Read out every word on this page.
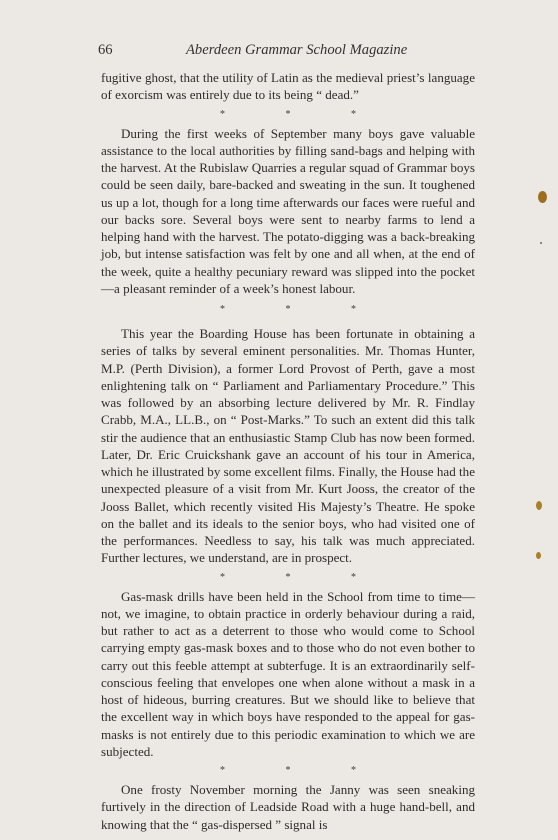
66	Aberdeen Grammar School Magazine

fugitive ghost, that the utility of Latin as the medieval priest’s language of exorcism was entirely due to its being “ dead.”

* * *

During the first weeks of September many boys gave valuable assistance to the local authorities by filling sand-bags and helping with the harvest. At the Rubislaw Quarries a regular squad of Grammar boys could be seen daily, bare-backed and sweating in the sun. It toughened us up a lot, though for a long time afterwards our faces were rueful and our backs sore. Several boys were sent to nearby farms to lend a helping hand with the harvest. The potato-digging was a back-breaking job, but intense satisfaction was felt by one and all when, at the end of the week, quite a healthy pecuniary reward was slipped into the pocket—a pleasant reminder of a week’s honest labour.

* * *

This year the Boarding House has been fortunate in obtaining a series of talks by several eminent personalities. Mr. Thomas Hunter, M.P. (Perth Division), a former Lord Provost of Perth, gave a most enlightening talk on “ Parliament and Parliamentary Procedure.” This was followed by an absorbing lecture delivered by Mr. R. Findlay Crabb, M.A., LL.B., on “ Post-Marks.” To such an extent did this talk stir the audience that an enthusiastic Stamp Club has now been formed. Later, Dr. Eric Cruickshank gave an account of his tour in America, which he illustrated by some excellent films. Finally, the House had the unexpected pleasure of a visit from Mr. Kurt Jooss, the creator of the Jooss Ballet, which recently visited His Majesty’s Theatre. He spoke on the ballet and its ideals to the senior boys, who had visited one of the performances. Needless to say, his talk was much appreciated. Further lectures, we understand, are in prospect.

* * *

Gas-mask drills have been held in the School from time to time—not, we imagine, to obtain practice in orderly behaviour during a raid, but rather to act as a deterrent to those who would come to School carrying empty gas-mask boxes and to those who do not even bother to carry out this feeble attempt at subterfuge. It is an extraordinarily self-conscious feeling that envelopes one when alone without a mask in a host of hideous, burring creatures. But we should like to believe that the excellent way in which boys have responded to the appeal for gas-masks is not entirely due to this periodic examination to which we are subjected.

* * *

One frosty November morning the Janny was seen sneaking furtively in the direction of Leadside Road with a huge hand-bell, and knowing that the “ gas-dispersed ” signal is
